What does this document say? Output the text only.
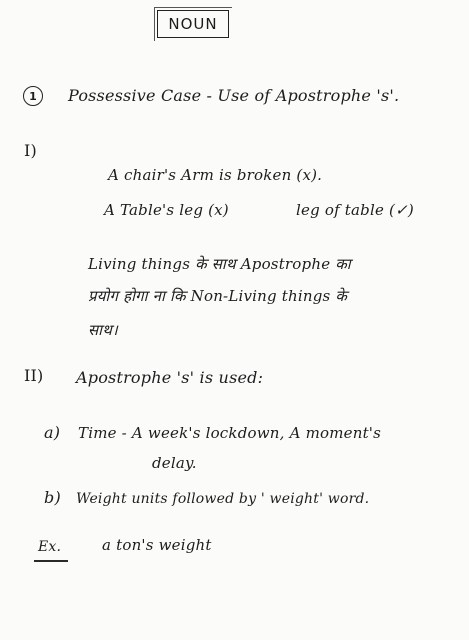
NOUN
1	Possessive Case - Use of Apostrophe 's'.
I)
A chair's Arm is broken (x).
A Table's leg (x)	leg of table (✓)
Living things के साथ Apostrophe का
प्रयोग होगा ना कि Non-Living things के
साथ।
II) Apostrophe 's' is used:
a) Time - A week's lockdown, A moment's
delay.
b) Weight units followed by ' weight' word.
Ex.	a ton's weight
